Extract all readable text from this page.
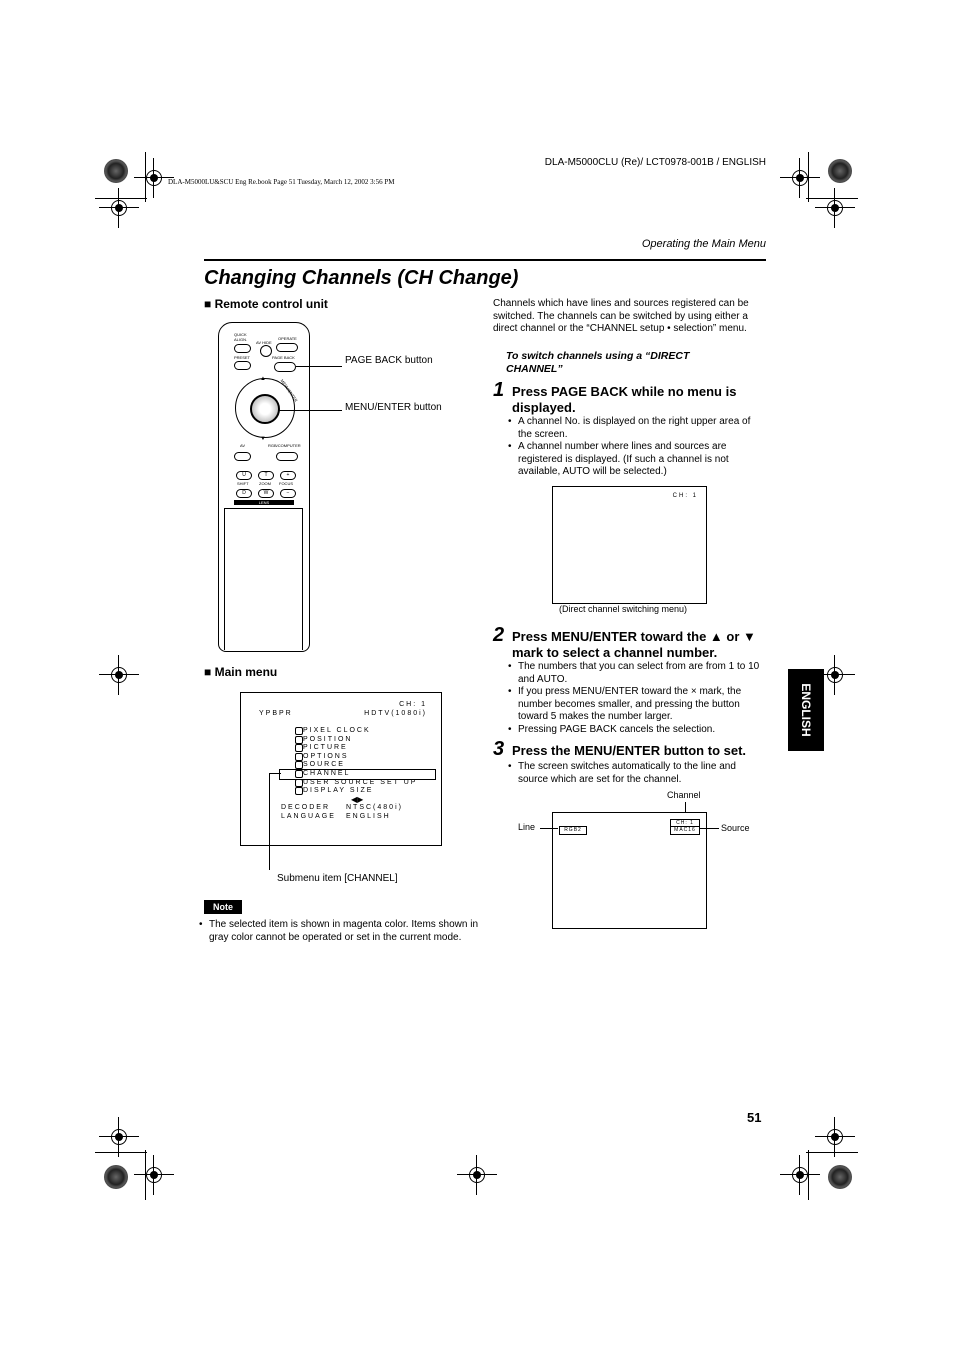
DLA-M5000LU&SCU Eng Re.book Page 51 Tuesday, March 12, 2002 3:56 PM
DLA-M5000CLU (Re)/ LCT0978-001B / ENGLISH
Operating the Main Menu
Changing Channels (CH Change)
■ Remote control unit
QUICK ALIGN.
AV HIDE
OPERATE
PRESET	PAGE BACK
▲
▼
MENU/ENTER
AV	RGB/COMPUTER
U	T	+
SHIFT	ZOOM FOCUS
D	W	−
LENS
PAGE BACK button
MENU/ENTER button
■ Main menu
CH: 1
YPBPR	HDTV(1080i)
PIXEL CLOCK
POSITION
PICTURE
OPTIONS
SOURCE
CHANNEL
USER SOURCE SET UP
DISPLAY SIZE
◀▶
DECODER NTSC(480i)
LANGUAGE ENGLISH
Submenu item [CHANNEL]
Note
• The selected item is shown in magenta color. Items shown in gray color cannot be operated or set in the current mode.
Channels which have lines and sources registered can be switched. The channels can be switched by using either a direct channel or the “CHANNEL setup • selection” menu.
To switch channels using a “DIRECT CHANNEL”
1 Press PAGE BACK while no menu is displayed.
• A channel No. is displayed on the right upper area of the screen.
• A channel number where lines and sources are registered is displayed. (If such a channel is not available, AUTO will be selected.)
CH: 1
(Direct channel switching menu)
2 Press MENU/ENTER toward the ▲ or ▼ mark to select a channel number.
• The numbers that you can select from are from 1 to 10 and AUTO.
• If you press MENU/ENTER toward the × mark, the number becomes smaller, and pressing the button toward 5 makes the number larger.
• Pressing PAGE BACK cancels the selection.
3 Press the MENU/ENTER button to set.
• The screen switches automatically to the line and source which are set for the channel.
Channel
RGB2
CH: 1
MAC16
Line	Source
ENGLISH
51
